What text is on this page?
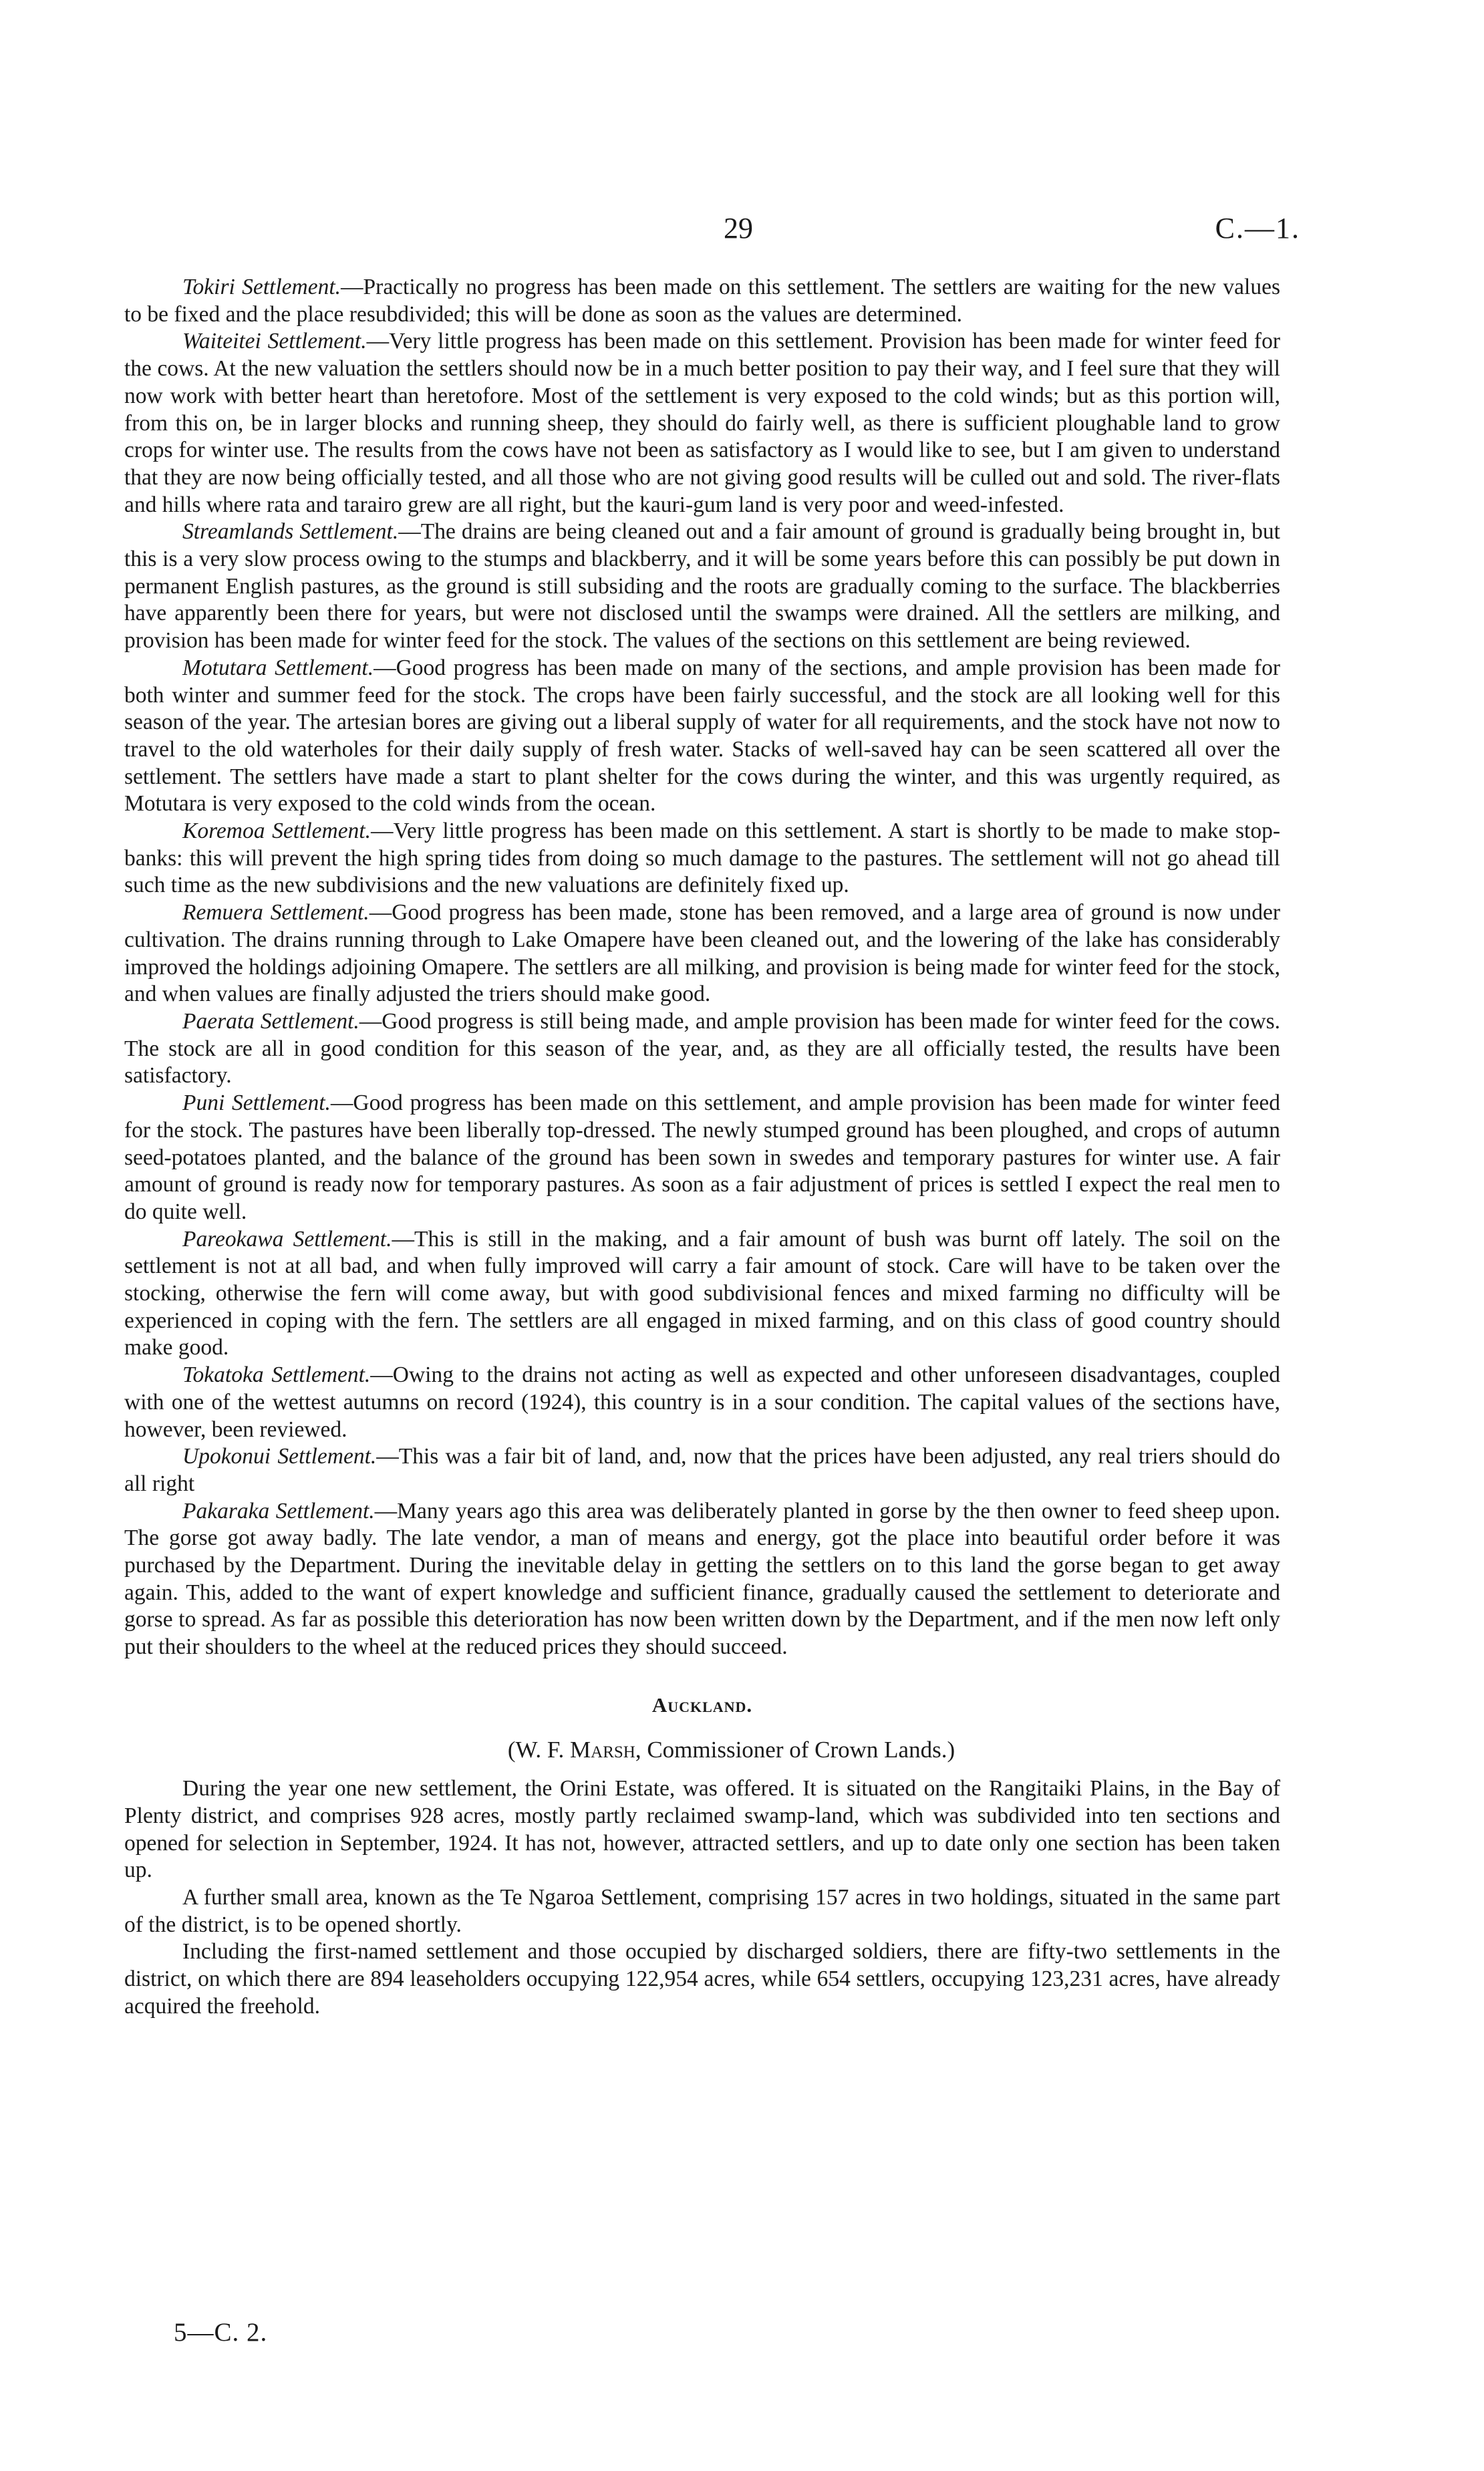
29	C.—1.

Tokiri Settlement.—Practically no progress has been made on this settlement. The settlers are waiting for the new values to be fixed and the place resubdivided; this will be done as soon as the values are determined.

Waiteitei Settlement.—Very little progress has been made on this settlement. Provision has been made for winter feed for the cows. At the new valuation the settlers should now be in a much better position to pay their way, and I feel sure that they will now work with better heart than heretofore. Most of the settlement is very exposed to the cold winds; but as this portion will, from this on, be in larger blocks and running sheep, they should do fairly well, as there is sufficient ploughable land to grow crops for winter use. The results from the cows have not been as satisfactory as I would like to see, but I am given to understand that they are now being officially tested, and all those who are not giving good results will be culled out and sold. The river-flats and hills where rata and tarairo grew are all right, but the kauri-gum land is very poor and weed-infested.

Streamlands Settlement.—The drains are being cleaned out and a fair amount of ground is gradually being brought in, but this is a very slow process owing to the stumps and blackberry, and it will be some years before this can possibly be put down in permanent English pastures, as the ground is still subsiding and the roots are gradually coming to the surface. The blackberries have apparently been there for years, but were not disclosed until the swamps were drained. All the settlers are milking, and provision has been made for winter feed for the stock. The values of the sections on this settlement are being reviewed.

Motutara Settlement.—Good progress has been made on many of the sections, and ample provision has been made for both winter and summer feed for the stock. The crops have been fairly successful, and the stock are all looking well for this season of the year. The artesian bores are giving out a liberal supply of water for all requirements, and the stock have not now to travel to the old waterholes for their daily supply of fresh water. Stacks of well-saved hay can be seen scattered all over the settlement. The settlers have made a start to plant shelter for the cows during the winter, and this was urgently required, as Motutara is very exposed to the cold winds from the ocean.

Koremoa Settlement.—Very little progress has been made on this settlement. A start is shortly to be made to make stop-banks: this will prevent the high spring tides from doing so much damage to the pastures. The settlement will not go ahead till such time as the new subdivisions and the new valuations are definitely fixed up.

Remuera Settlement.—Good progress has been made, stone has been removed, and a large area of ground is now under cultivation. The drains running through to Lake Omapere have been cleaned out, and the lowering of the lake has considerably improved the holdings adjoining Omapere. The settlers are all milking, and provision is being made for winter feed for the stock, and when values are finally adjusted the triers should make good.

Paerata Settlement.—Good progress is still being made, and ample provision has been made for winter feed for the cows. The stock are all in good condition for this season of the year, and, as they are all officially tested, the results have been satisfactory.

Puni Settlement.—Good progress has been made on this settlement, and ample provision has been made for winter feed for the stock. The pastures have been liberally top-dressed. The newly stumped ground has been ploughed, and crops of autumn seed-potatoes planted, and the balance of the ground has been sown in swedes and temporary pastures for winter use. A fair amount of ground is ready now for temporary pastures. As soon as a fair adjustment of prices is settled I expect the real men to do quite well.

Pareokawa Settlement.—This is still in the making, and a fair amount of bush was burnt off lately. The soil on the settlement is not at all bad, and when fully improved will carry a fair amount of stock. Care will have to be taken over the stocking, otherwise the fern will come away, but with good subdivisional fences and mixed farming no difficulty will be experienced in coping with the fern. The settlers are all engaged in mixed farming, and on this class of good country should make good.

Tokatoka Settlement.—Owing to the drains not acting as well as expected and other unforeseen disadvantages, coupled with one of the wettest autumns on record (1924), this country is in a sour condition. The capital values of the sections have, however, been reviewed.

Upokonui Settlement.—This was a fair bit of land, and, now that the prices have been adjusted, any real triers should do all right

Pakaraka Settlement.—Many years ago this area was deliberately planted in gorse by the then owner to feed sheep upon. The gorse got away badly. The late vendor, a man of means and energy, got the place into beautiful order before it was purchased by the Department. During the inevitable delay in getting the settlers on to this land the gorse began to get away again. This, added to the want of expert knowledge and sufficient finance, gradually caused the settlement to deteriorate and gorse to spread. As far as possible this deterioration has now been written down by the Department, and if the men now left only put their shoulders to the wheel at the reduced prices they should succeed.

Auckland.

(W. F. Marsh, Commissioner of Crown Lands.)

During the year one new settlement, the Orini Estate, was offered. It is situated on the Rangitaiki Plains, in the Bay of Plenty district, and comprises 928 acres, mostly partly reclaimed swamp-land, which was subdivided into ten sections and opened for selection in September, 1924. It has not, however, attracted settlers, and up to date only one section has been taken up.

A further small area, known as the Te Ngaroa Settlement, comprising 157 acres in two holdings, situated in the same part of the district, is to be opened shortly.

Including the first-named settlement and those occupied by discharged soldiers, there are fifty-two settlements in the district, on which there are 894 leaseholders occupying 122,954 acres, while 654 settlers, occupying 123,231 acres, have already acquired the freehold.

5—C. 2.
